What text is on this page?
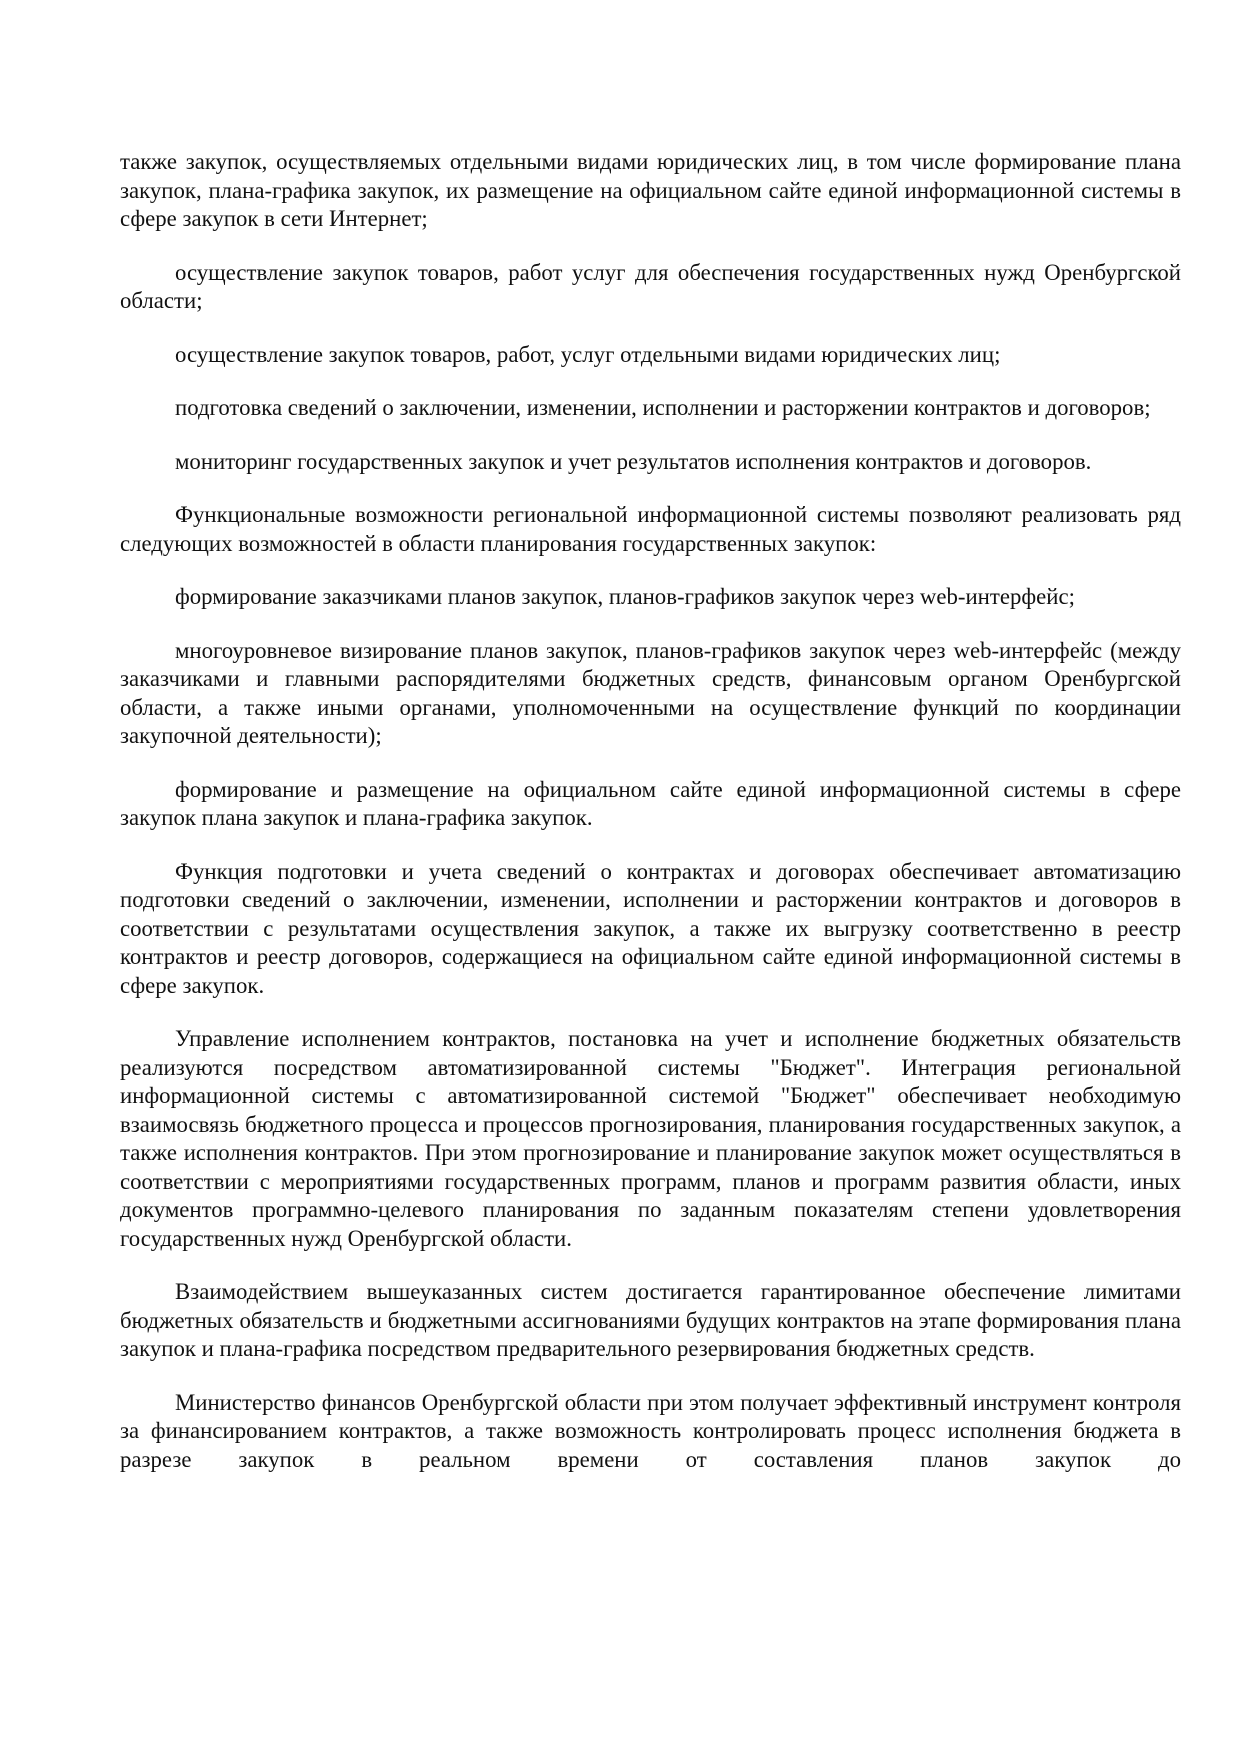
также закупок, осуществляемых отдельными видами юридических лиц, в том числе формирование плана закупок, плана-графика закупок, их размещение на официальном сайте единой информационной системы в сфере закупок в сети Интернет;

осуществление закупок товаров, работ услуг для обеспечения государственных нужд Оренбургской области;

осуществление закупок товаров, работ, услуг отдельными видами юридических лиц;

подготовка сведений о заключении, изменении, исполнении и расторжении контрактов и договоров;

мониторинг государственных закупок и учет результатов исполнения контрактов и договоров.

Функциональные возможности региональной информационной системы позволяют реализовать ряд следующих возможностей в области планирования государственных закупок:

формирование заказчиками планов закупок, планов-графиков закупок через web-интерфейс;

многоуровневое визирование планов закупок, планов-графиков закупок через web-интерфейс (между заказчиками и главными распорядителями бюджетных средств, финансовым органом Оренбургской области, а также иными органами, уполномоченными на осуществление функций по координации закупочной деятельности);

формирование и размещение на официальном сайте единой информационной системы в сфере закупок плана закупок и плана-графика закупок.

Функция подготовки и учета сведений о контрактах и договорах обеспечивает автоматизацию подготовки сведений о заключении, изменении, исполнении и расторжении контрактов и договоров в соответствии с результатами осуществления закупок, а также их выгрузку соответственно в реестр контрактов и реестр договоров, содержащиеся на официальном сайте единой информационной системы в сфере закупок.

Управление исполнением контрактов, постановка на учет и исполнение бюджетных обязательств реализуются посредством автоматизированной системы "Бюджет". Интеграция региональной информационной системы с автоматизированной системой "Бюджет" обеспечивает необходимую взаимосвязь бюджетного процесса и процессов прогнозирования, планирования государственных закупок, а также исполнения контрактов. При этом прогнозирование и планирование закупок может осуществляться в соответствии с мероприятиями государственных программ, планов и программ развития области, иных документов программно-целевого планирования по заданным показателям степени удовлетворения государственных нужд Оренбургской области.

Взаимодействием вышеуказанных систем достигается гарантированное обеспечение лимитами бюджетных обязательств и бюджетными ассигнованиями будущих контрактов на этапе формирования плана закупок и плана-графика посредством предварительного резервирования бюджетных средств.

Министерство финансов Оренбургской области при этом получает эффективный инструмент контроля за финансированием контрактов, а также возможность контролировать процесс исполнения бюджета в разрезе закупок в реальном времени от составления планов закупок до
